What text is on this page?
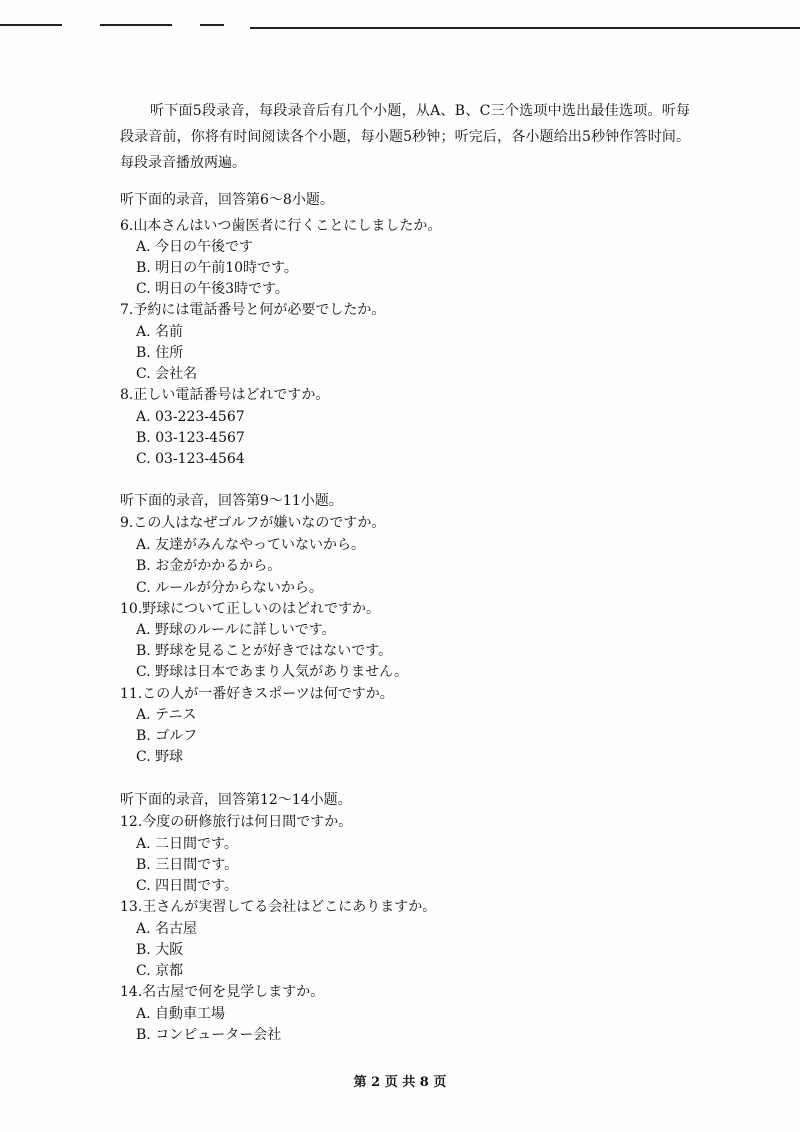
听下面5段录音，每段录音后有几个小题，从A、B、C三个选项中选出最佳选项。听每段录音前，你将有时间阅读各个小题，每小题5秒钟；听完后，各小题给出5秒钟作答时间。每段录音播放两遍。
听下面的录音，回答第6～8小题。
6.山本さんはいつ歯医者に行くことにしましたか。
A. 今日の午後です
B. 明日の午前10時です。
C. 明日の午後3時です。
7.予約には電話番号と何が必要でしたか。
A. 名前
B. 住所
C. 会社名
8.正しい電話番号はどれですか。
A. 03-223-4567
B. 03-123-4567
C. 03-123-4564
听下面的录音，回答第9～11小题。
9.この人はなぜゴルフが嫌いなのですか。
A. 友達がみんなやっていないから。
B. お金がかかるから。
C. ルールが分からないから。
10.野球について正しいのはどれですか。
A. 野球のルールに詳しいです。
B. 野球を見ることが好きではないです。
C. 野球は日本であまり人気がありません。
11.この人が一番好きスポーツは何ですか。
A. テニス
B. ゴルフ
C. 野球
听下面的录音，回答第12～14小题。
12.今度の研修旅行は何日間ですか。
A. 二日間です。
B. 三日間です。
C. 四日間です。
13.王さんが実習してる会社はどこにありますか。
A. 名古屋
B. 大阪
C. 京都
14.名古屋で何を見学しますか。
A. 自動車工場
B. コンピューター会社
第 2 页 共 8 页
